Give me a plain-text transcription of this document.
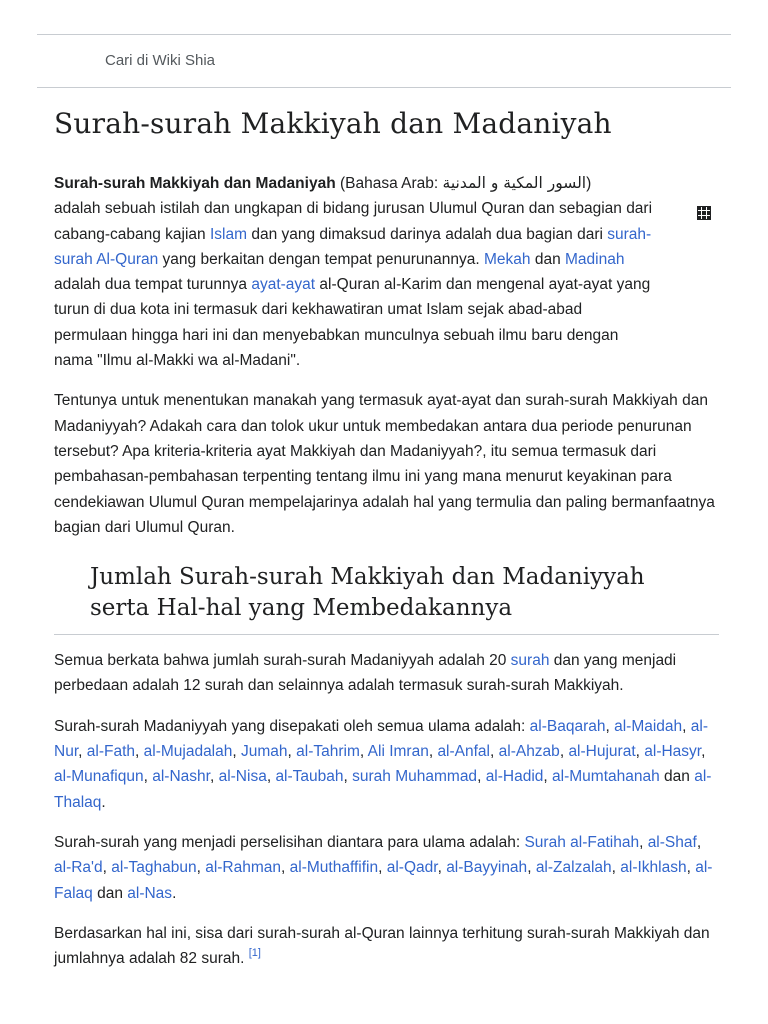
Cari di Wiki Shia
Surah-surah Makkiyah dan Madaniyah

Surah-surah Makkiyah dan Madaniyah (Bahasa Arab: السور المكية و المدنية)
adalah sebuah istilah dan ungkapan di bidang jurusan Ulumul Quran dan sebagian dari cabang-cabang kajian Islam dan yang dimaksud darinya adalah dua bagian dari surah-surah Al-Quran yang berkaitan dengan tempat penurunannya. Mekah dan Madinah adalah dua tempat turunnya ayat-ayat al-Quran al-Karim dan mengenal ayat-ayat yang turun di dua kota ini termasuk dari kekhawatiran umat Islam sejak abad-abad permulaan hingga hari ini dan menyebabkan munculnya sebuah ilmu baru dengan nama "Ilmu al-Makki wa al-Madani".

Tentunya untuk menentukan manakah yang termasuk ayat-ayat dan surah-surah Makkiyah dan Madaniyyah? Adakah cara dan tolok ukur untuk membedakan antara dua periode penurunan tersebut? Apa kriteria-kriteria ayat Makkiyah dan Madaniyyah?, itu semua termasuk dari pembahasan-pembahasan terpenting tentang ilmu ini yang mana menurut keyakinan para cendekiawan Ulumul Quran mempelajarinya adalah hal yang termulia dan paling bermanfaatnya bagian dari Ulumul Quran.

Jumlah Surah-surah Makkiyah dan Madaniyyah serta Hal-hal yang Membedakannya

Semua berkata bahwa jumlah surah-surah Madaniyyah adalah 20 surah dan yang menjadi perbedaan adalah 12 surah dan selainnya adalah termasuk surah-surah Makkiyah.

Surah-surah Madaniyyah yang disepakati oleh semua ulama adalah: al-Baqarah, al-Maidah, al-Nur, al-Fath, al-Mujadalah, Jumah, al-Tahrim, Ali Imran, al-Anfal, al-Ahzab, al-Hujurat, al-Hasyr, al-Munafiqun, al-Nashr, al-Nisa, al-Taubah, surah Muhammad, al-Hadid, al-Mumtahanah dan al-Thalaq.

Surah-surah yang menjadi perselisihan diantara para ulama adalah: Surah al-Fatihah, al-Shaf, al-Ra'd, al-Taghabun, al-Rahman, al-Muthaffifin, al-Qadr, al-Bayyinah, al-Zalzalah, al-Ikhlash, al-Falaq dan al-Nas.

Berdasarkan hal ini, sisa dari surah-surah al-Quran lainnya terhitung surah-surah Makkiyah dan jumlahnya adalah 82 surah. [1]
